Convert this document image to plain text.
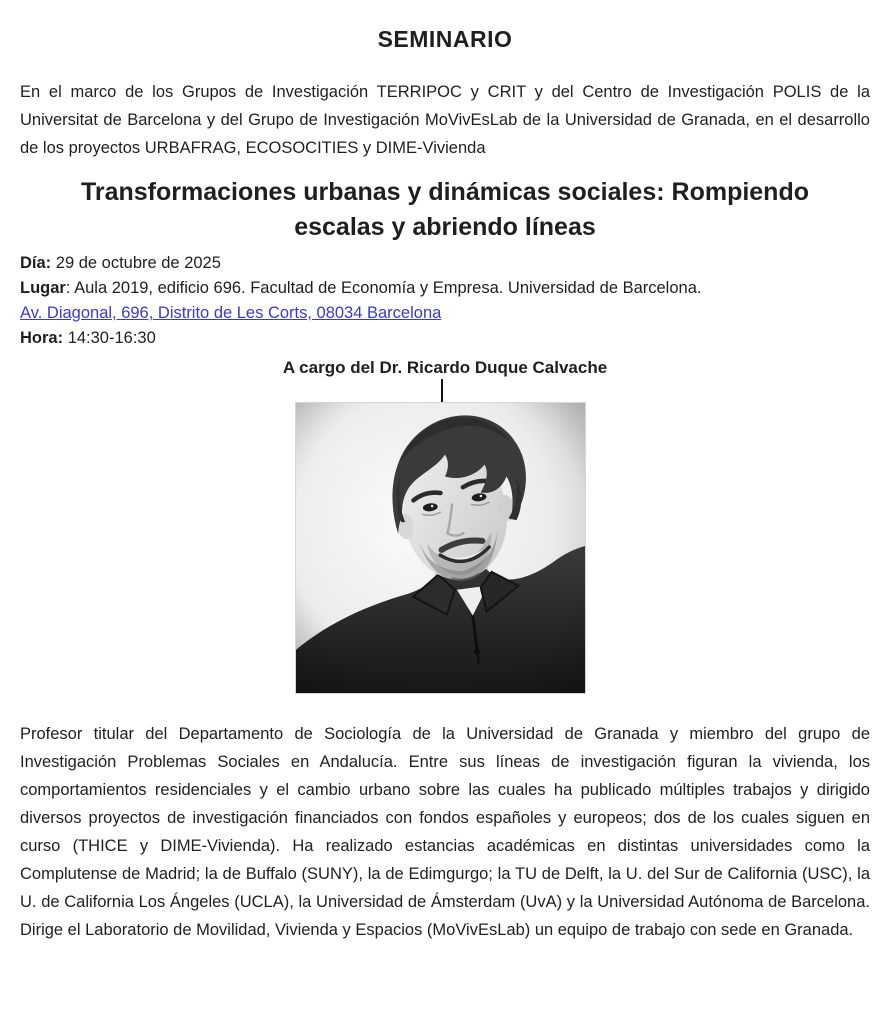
SEMINARIO

En el marco de los Grupos de Investigación TERRIPOC y CRIT y del Centro de Investigación POLIS de la Universitat de Barcelona y del Grupo de Investigación MoVivEsLab de la Universidad de Granada, en el desarrollo de los proyectos URBAFRAG, ECOSOCITIES y DIME-Vivienda

Transformaciones urbanas y dinámicas sociales: Rompiendo escalas y abriendo líneas
Día: 29 de octubre de 2025
Lugar: Aula 2019, edificio 696. Facultad de Economía y Empresa. Universidad de Barcelona.
Av. Diagonal, 696, Distrito de Les Corts, 08034 Barcelona
Hora: 14:30-16:30

A cargo del Dr. Ricardo Duque Calvache

Profesor titular del Departamento de Sociología de la Universidad de Granada y miembro del grupo de Investigación Problemas Sociales en Andalucía. Entre sus líneas de investigación figuran la vivienda, los comportamientos residenciales y el cambio urbano sobre las cuales ha publicado múltiples trabajos y dirigido diversos proyectos de investigación financiados con fondos españoles y europeos; dos de los cuales siguen en curso (THICE y DIME-Vivienda). Ha realizado estancias académicas en distintas universidades como la Complutense de Madrid; la de Buffalo (SUNY), la de Edimgurgo; la TU de Delft, la U. del Sur de California (USC), la U. de California Los Ángeles (UCLA), la Universidad de Ámsterdam (UvA) y la Universidad Autónoma de Barcelona. Dirige el Laboratorio de Movilidad, Vivienda y Espacios (MoVivEsLab) un equipo de trabajo con sede en Granada.
